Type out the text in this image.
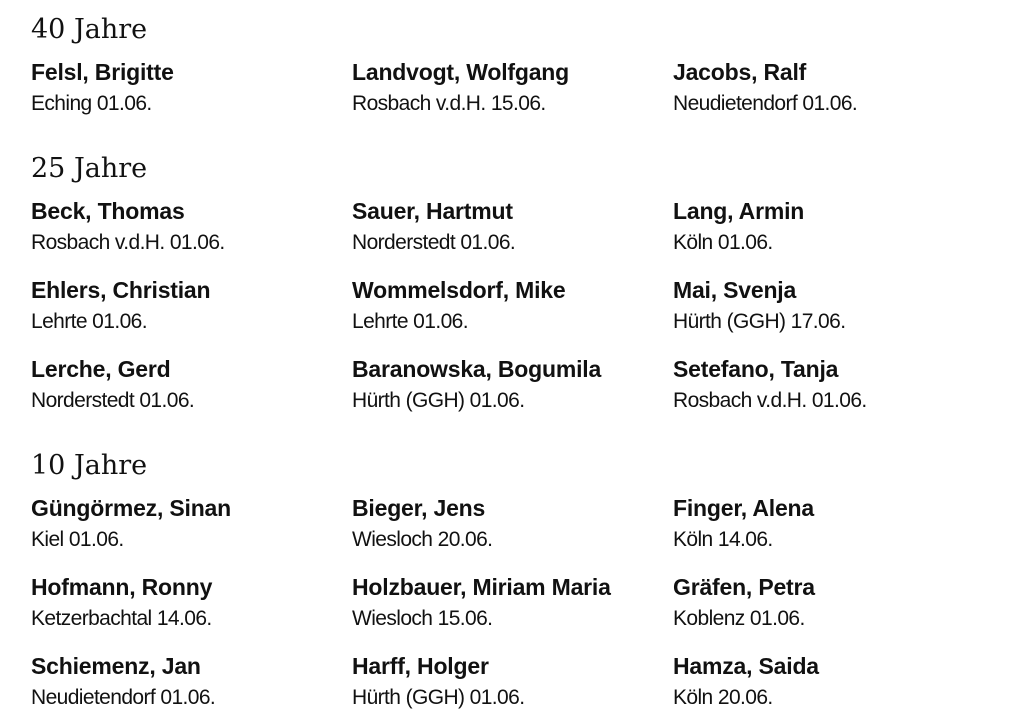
40 Jahre
Felsl, Brigitte
Eching 01.06.
Landvogt, Wolfgang
Rosbach v.d.H. 15.06.
Jacobs, Ralf
Neudietendorf 01.06.
25 Jahre
Beck, Thomas
Rosbach v.d.H. 01.06.
Sauer, Hartmut
Norderstedt 01.06.
Lang, Armin
Köln 01.06.
Ehlers, Christian
Lehrte 01.06.
Wommelsdorf, Mike
Lehrte 01.06.
Mai, Svenja
Hürth (GGH) 17.06.
Lerche, Gerd
Norderstedt 01.06.
Baranowska, Bogumila
Hürth (GGH) 01.06.
Setefano, Tanja
Rosbach v.d.H. 01.06.
10 Jahre
Güngörmez, Sinan
Kiel 01.06.
Bieger, Jens
Wiesloch 20.06.
Finger, Alena
Köln 14.06.
Hofmann, Ronny
Ketzerbachtal 14.06.
Holzbauer, Miriam Maria
Wiesloch 15.06.
Gräfen, Petra
Koblenz 01.06.
Schiemenz, Jan
Neudietendorf 01.06.
Harff, Holger
Hürth (GGH) 01.06.
Hamza, Saida
Köln 20.06.
